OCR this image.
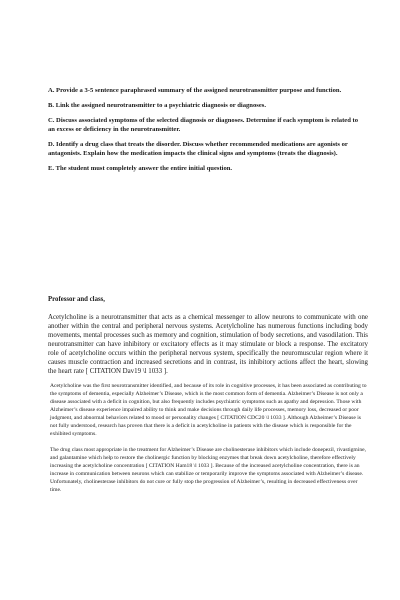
A. Provide a 3-5 sentence paraphrased summary of the assigned neurotransmitter purpose and function.

B. Link the assigned neurotransmitter to a psychiatric diagnosis or diagnoses.

C. Discuss associated symptoms of the selected diagnosis or diagnoses. Determine if each symptom is related to an excess or deficiency in the neurotransmitter.

D. Identify a drug class that treats the disorder. Discuss whether recommended medications are agonists or antagonists. Explain how the medication impacts the clinical signs and symptoms (treats the diagnosis).

E. The student must completely answer the entire initial question.

Professor and class,

Acetylcholine is a neurotransmitter that acts as a chemical messenger to allow neurons to communicate with one another within the central and peripheral nervous systems. Acetylcholine has numerous functions including body movements, mental processes such as memory and cognition, stimulation of body secretions, and vasodilation. This neurotransmitter can have inhibitory or excitatory effects as it may stimulate or block a response. The excitatory role of acetylcholine occurs within the peripheral nervous system, specifically the neuromuscular region where it causes muscle contraction and increased secretions and in contrast, its inhibitory actions affect the heart, slowing the heart rate [ CITATION Dav19 \l 1033 ].

Acetylcholine was the first neurotransmitter identified, and because of its role in cognitive processes, it has been associated as contributing to the symptoms of dementia, especially Alzheimer’s Disease, which is the most common form of dementia. Alzheimer’s Disease is not only a disease associated with a deficit in cognition, but also frequently includes psychiatric symptoms such as apathy and depression. Those with Alzheimer’s disease experience impaired ability to think and make decisions through daily life processes, memory loss, decreased or poor judgment, and abnormal behaviors related to mood or personality changes [ CITATION CDC20 \l 1033 ]. Although Alzheimer’s Disease is not fully understood, research has proven that there is a deficit in acetylcholine in patients with the disease which is responsible for the exhibited symptoms.

The drug class most appropriate in the treatment for Alzheimer’s Disease are cholinesterase inhibitors which include donepezil, rivastigmine, and galantamine which help to restore the cholinergic function by blocking enzymes that break down acetylcholine, therefore effectively increasing the acetylcholine concentration [ CITATION Ham18 \l 1033 ]. Because of the increased acetylcholine concentration, there is an increase in communication between neurons which can stabilize or temporarily improve the symptoms associated with Alzheimer’s disease. Unfortunately, cholinesterase inhibitors do not cure or fully stop the progression of Alzheimer’s, resulting in decreased effectiveness over time.
